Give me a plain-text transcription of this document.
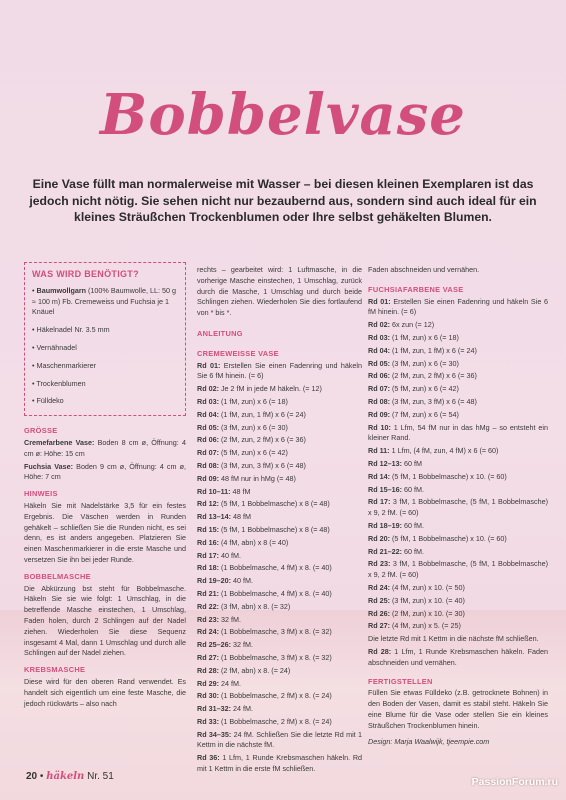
Bobbelvase
Eine Vase füllt man normalerweise mit Wasser – bei diesen kleinen Exemplaren ist das jedoch nicht nötig. Sie sehen nicht nur bezaubernd aus, sondern sind auch ideal für ein kleines Sträußchen Trockenblumen oder Ihre selbst gehäkelten Blumen.
WAS WIRD BENÖTIGT?
• Baumwollgarn (100% Baumwolle, LL: 50 g ≈ 100 m) Fb. Cremeweiss und Fuchsia je 1 Knäuel
• Häkelnadel Nr. 3.5 mm
• Vernähnadel
• Maschenmarkierer
• Trockenblumen
• Fülldeko
GRÖSSE

Cremefarbene Vase: Boden 8 cm ø, Öffnung: 4 cm ø: Höhe: 15 cm

Fuchsia Vase: Boden 9 cm ø, Öffnung: 4 cm ø, Höhe: 7 cm

HINWEIS

Häkeln Sie mit Nadelstärke 3,5 für ein festes Ergebnis. Die Väschen werden in Runden gehäkelt – schließen Sie die Runden nicht, es sei denn, es ist anders angegeben. Platzieren Sie einen Maschenmarkierer in die erste Masche und versetzen Sie ihn bei jeder Runde.

BOBBELMASCHE

Die Abkürzung bst steht für Bobbelmasche. Häkeln Sie sie wie folgt: 1 Umschlag, in die betreffende Masche einstechen, 1 Umschlag, Faden holen, durch 2 Schlingen auf der Nadel ziehen. Wiederholen Sie diese Sequenz insgesamt 4 Mal, dann 1 Umschlag und durch alle Schlingen auf der Nadel ziehen.

KREBSMASCHE

Diese wird für den oberen Rand verwendet. Es handelt sich eigentlich um eine feste Masche, die jedoch rückwärts – also nach

rechts – gearbeitet wird: 1 Luftmasche, in die vorherige Masche einstechen, 1 Umschlag, zurück durch die Masche, 1 Umschlag und durch beide Schlingen ziehen. Wiederholen Sie dies fortlaufend von * bis *.

ANLEITUNG
CREMEWEISSE VASE

Rd 01: Erstellen Sie einen Fadenring und häkeln Sie 6 fM hinein. (= 6)

Rd 02: Je 2 fM in jede M häkeln. (= 12)

Rd 03: (1 fM, zun) x 6 (= 18)

Rd 04: (1 fM, zun, 1 fM) x 6 (= 24)

Rd 05: (3 fM, zun) x 6 (= 30)

Rd 06: (2 fM, zun, 2 fM) x 6 (= 36)

Rd 07: (5 fM, zun) x 6 (= 42)

Rd 08: (3 fM, zun, 3 fM) x 6 (= 48)

Rd 09: 48 fM nur in hMg (= 48)

Rd 10–11: 48 fM

Rd 12: (5 fM, 1 Bobbelmasche) x 8 (= 48)

Rd 13–14: 48 fM

Rd 15: (5 fM, 1 Bobbelmasche) x 8 (= 48)

Rd 16: (4 fM, abn) x 8 (= 40)

Rd 17: 40 fM.

Rd 18: (1 Bobbelmasche, 4 fM) x 8. (= 40)

Rd 19–20: 40 fM.

Rd 21: (1 Bobbelmasche, 4 fM) x 8. (= 40)

Rd 22: (3 fM, abn) x 8. (= 32)

Rd 23: 32 fM.

Rd 24: (1 Bobbelmasche, 3 fM) x 8. (= 32)

Rd 25–26: 32 fM.

Rd 27: (1 Bobbelmasche, 3 fM) x 8. (= 32)

Rd 28: (2 fM, abn) x 8. (= 24)

Rd 29: 24 fM.

Rd 30: (1 Bobbelmasche, 2 fM) x 8. (= 24)

Rd 31–32: 24 fM.

Rd 33: (1 Bobbelmasche, 2 fM) x 8. (= 24)

Rd 34–35: 24 fM. Schließen Sie die letzte Rd mit 1 Kettm in die nächste fM.

Rd 36: 1 Lfm, 1 Runde Krebsmaschen häkeln. Rd mit 1 Kettm in die erste fM schließen.

Faden abschneiden und vernähen.

FUCHSIAFARBENE VASE

Rd 01: Erstellen Sie einen Fadenring und häkeln Sie 6 fM hinein. (= 6)

Rd 02: 6x zun (= 12)

Rd 03: (1 fM, zun) x 6 (= 18)

Rd 04: (1 fM, zun, 1 fM) x 6 (= 24)

Rd 05: (3 fM, zun) x 6 (= 30)

Rd 06: (2 fM, zun, 2 fM) x 6 (= 36)

Rd 07: (5 fM, zun) x 6 (= 42)

Rd 08: (3 fM, zun, 3 fM) x 6 (= 48)

Rd 09: (7 fM, zun) x 6 (= 54)

Rd 10: 1 Lfm, 54 fM nur in das hMg – so entsteht ein kleiner Rand.

Rd 11: 1 Lfm, (4 fM, zun, 4 fM) x 6 (= 60)

Rd 12–13: 60 fM

Rd 14: (5 fM, 1 Bobbelmasche) x 10. (= 60)

Rd 15–16: 60 fM.

Rd 17: 3 fM, 1 Bobbelmasche, (5 fM, 1 Bobbelmasche) x 9, 2 fM. (= 60)

Rd 18–19: 60 fM.

Rd 20: (5 fM, 1 Bobbelmasche) x 10. (= 60)

Rd 21–22: 60 fM.

Rd 23: 3 fM, 1 Bobbelmasche, (5 fM, 1 Bobbelmasche) x 9, 2 fM. (= 60)

Rd 24: (4 fM, zun) x 10. (= 50)

Rd 25: (3 fM, zun) x 10. (= 40)

Rd 26: (2 fM, zun) x 10. (= 30)

Rd 27: (4 fM, zun) x 5. (= 25)

Die letzte Rd mit 1 Kettm in die nächste fM schließen.

Rd 28: 1 Lfm, 1 Runde Krebsmaschen häkeln. Faden abschneiden und vernähen.

FERTIGSTELLEN

Füllen Sie etwas Fülldeko (z.B. getrocknete Bohnen) in den Boden der Vasen, damit es stabil steht. Häkeln Sie eine Blume für die Vase oder stellen Sie ein kleines Sträußchen Trockenblumen hinein.

Design: Marja Waalwijk, tjeempie.com

20 • häkeln Nr. 51	PassionForum.ru
